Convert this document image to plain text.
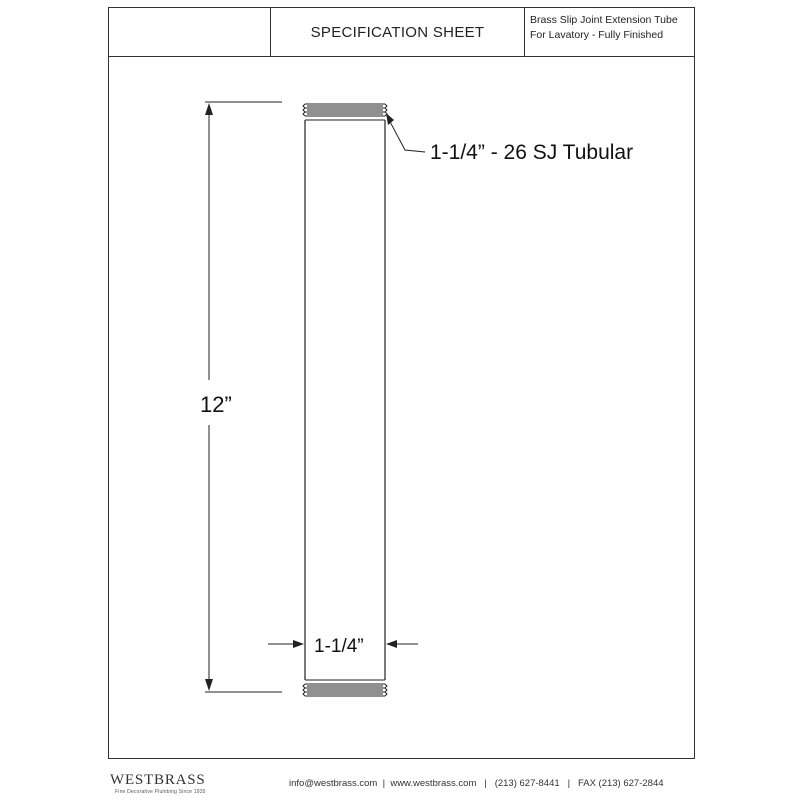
SPECIFICATION SHEET
Brass Slip Joint Extension Tube
For Lavatory - Fully Finished
12”
1-1/4”
1-1/4” - 26 SJ Tubular
WESTBRASS
Fine Decorative Plumbing Since 1935
info@westbrass.com  |  www.westbrass.com   |   (213) 627-8441   |   FAX (213) 627-2844
